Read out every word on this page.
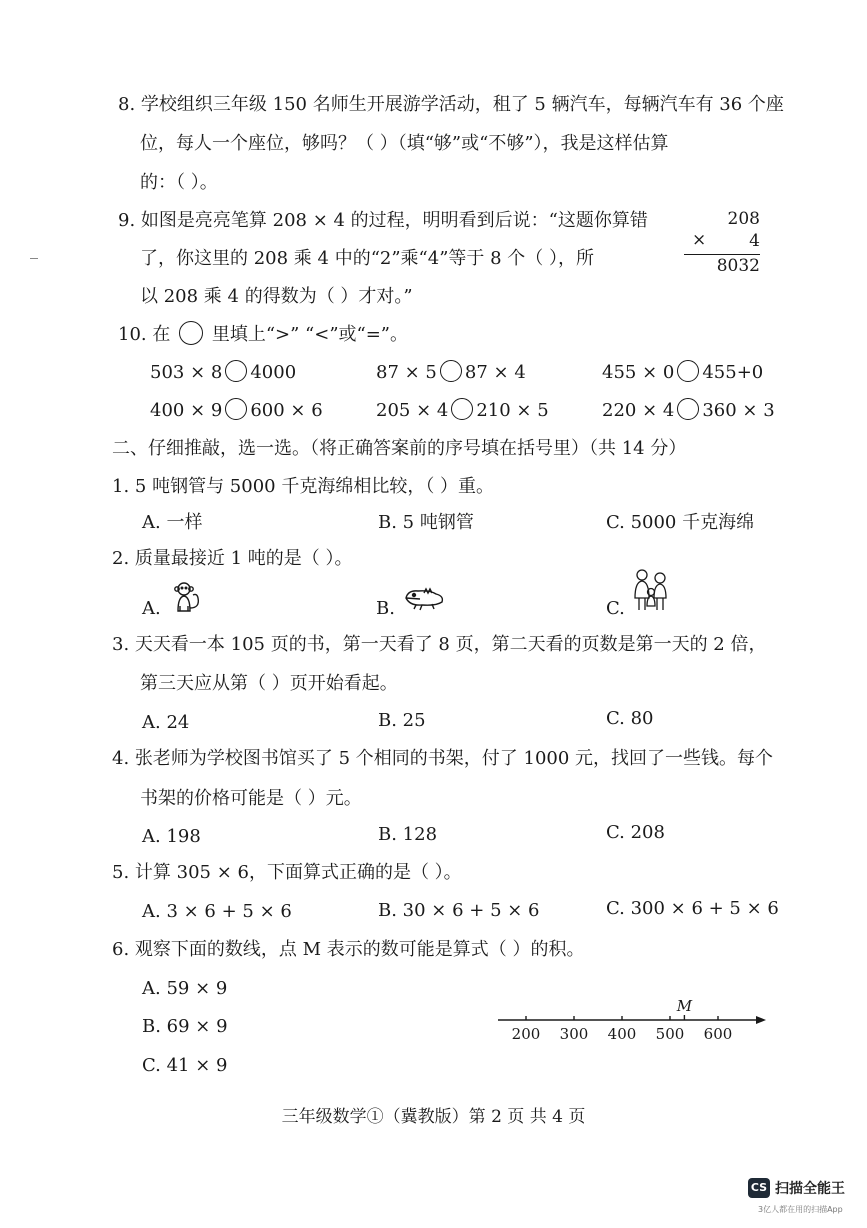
8. 学校组织三年级 150 名师生开展游学活动，租了 5 辆汽车，每辆汽车有 36 个座
位，每人一个座位，够吗？（ ）（填“够”或“不够”），我是这样估算
的：（ ）。
9. 如图是亮亮笔算 208 × 4 的过程，明明看到后说：“这题你算错
了，你这里的 208 乘 4 中的“2”乘“4”等于 8 个（ ），所
以 208 乘 4 的得数为（ ）才对。”
208
4
×
8032
10. 在 里填上“>” “<”或“=”。
503 × 8 4000	87 × 5 87 × 4	455 × 0 455+0
400 × 9 600 × 6	205 × 4 210 × 5	220 × 4 360 × 3
二、仔细推敲，选一选。（将正确答案前的序号填在括号里）（共 14 分）
1. 5 吨钢管与 5000 千克海绵相比较，（ ）重。
A. 一样	B. 5 吨钢管	C. 5000 千克海绵
2. 质量最接近 1 吨的是（ ）。
A.	B.	C.
3. 天天看一本 105 页的书，第一天看了 8 页，第二天看的页数是第一天的 2 倍，
第三天应从第（ ）页开始看起。
A. 24	B. 25	C. 80
4. 张老师为学校图书馆买了 5 个相同的书架，付了 1000 元，找回了一些钱。每个
书架的价格可能是（ ）元。
A. 198	B. 128	C. 208
5. 计算 305 × 6，下面算式正确的是（ ）。
A. 3 × 6 + 5 × 6	B. 30 × 6 + 5 × 6	C. 300 × 6 + 5 × 6
6. 观察下面的数线，点 M 表示的数可能是算式（ ）的积。
A. 59 × 9
B. 69 × 9
C. 41 × 9
200 300 400 500 600
M
三年级数学①（冀教版）第 2 页 共 4 页
CS 扫描全能王
3亿人都在用的扫描App
